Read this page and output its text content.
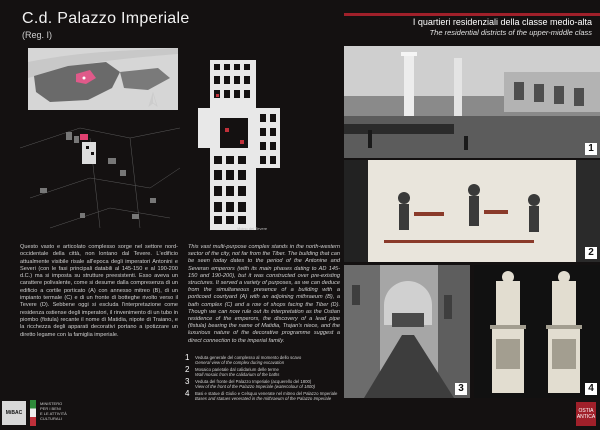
C.d. Palazzo Imperiale
(Reg. I)
I quartieri residenziali della classe medio-alta
The residential districts of the upper-middle class
Vicino del Tevere
Questo vasto e articolato complesso sorge nel settore nord-occidentale della città, non lontano dal Tevere. L'edificio attualmente visibile risale all'epoca degli imperatori Antonini e Severi (con le fasi principali databili al 145-150 e al 190-200 d.C.) ma si imposta su strutture preesistenti. Esso aveva un carattere polivalente, come si desume dalla compresenza di un edificio a cortile porticato (A) con annesso mitreo (B), di un impianto termale (C) e di un fronte di botteghe rivolto verso il Tevere (D). Sebbene oggi si escluda l'interpretazione come residenza ostiense degli imperatori, il rinvenimento di un tubo in piombo (fistula) recante il nome di Matidia, nipote di Traiano, e la ricchezza degli apparati decorativi portano a ipotizzare un diretto legame con la famiglia imperiale.
This vast multi-purpose complex stands in the north-western sector of the city, not far from the Tiber. The building that can be seen today dates to the period of the Antonine and Severan emperors (with its main phases dating to AD 145-150 and 190-200), but it was constructed over pre-existing structures. It served a variety of purposes, as we can deduce from the simultaneous presence of a building with a porticoed courtyard (A) with an adjoining mithraeum (B), a bath complex (C) and a row of shops facing the Tiber (D). Though we can now rule out its interpretation as the Ostian residence of the emperors, the discovery of a lead pipe (fistula) bearing the name of Matidia, Trajan's niece, and the luxurious nature of the decorative programme suggest a direct connection to the imperial family.
1 Veduta generale del complesso al momento dello scavo
General view of the complex during excavation
2 Mosaico parietale dal calidarium delle terme
Wall mosaic from the calidarium of the baths
3 Veduta del fronte del Palazzo Imperiale (acquerello del 1800)
View of the front of the Palazzo Imperiale (watercolour of 1800)
4 Basi e statue di Giulio e Celsquo venerate nel mitreo del Palazzo Imperiale
Bases and statues venerated in the mithraeum of the Palazzo Imperiale
1
2
3	4
MiBAC
MINISTERO
PER I BENI
E LE ATTIVITÀ
CULTURALI
OSTIA ANTICA
